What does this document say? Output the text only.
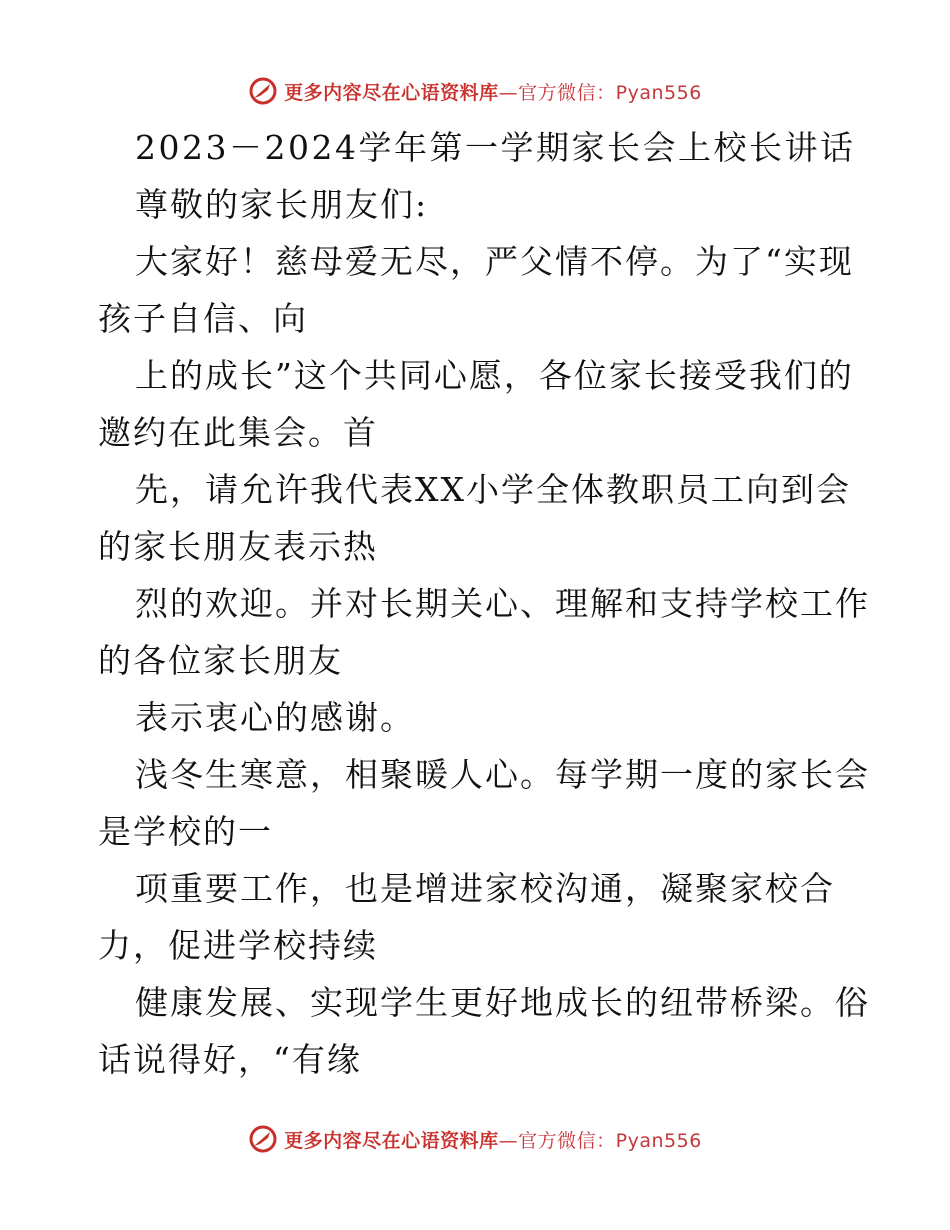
更多内容尽在心语资料库—官方微信：Pyan556
2023－2024学年第一学期家长会上校长讲话
尊敬的家长朋友们:
大家好！慈母爱无尽，严父情不停。为了“实现
孩子自信、向
上的成长”这个共同心愿，各位家长接受我们的
邀约在此集会。首
先，请允许我代表XX小学全体教职员工向到会
的家长朋友表示热
烈的欢迎。并对长期关心、理解和支持学校工作
的各位家长朋友
表示衷心的感谢。
浅冬生寒意，相聚暖人心。每学期一度的家长会
是学校的一
项重要工作，也是增进家校沟通，凝聚家校合
力，促进学校持续
健康发展、实现学生更好地成长的纽带桥梁。俗
话说得好，“有缘
更多内容尽在心语资料库—官方微信：Pyan556
